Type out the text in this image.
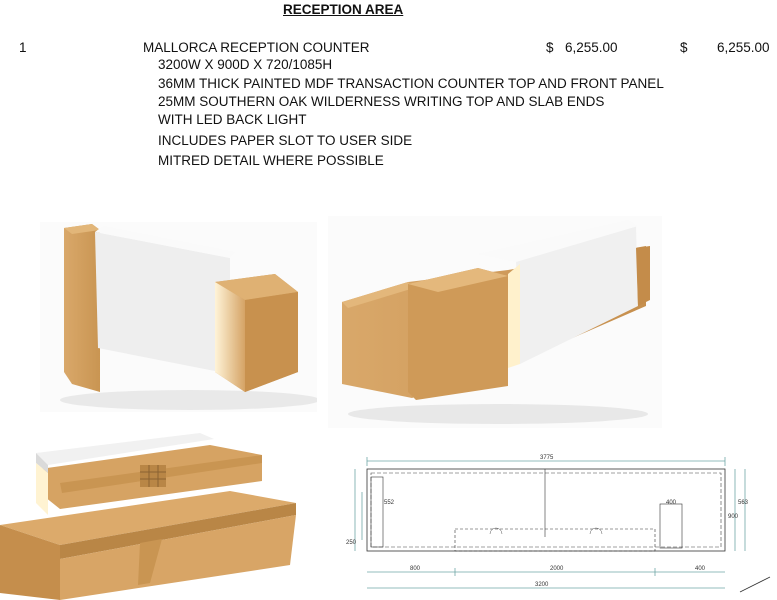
RECEPTION AREA
1	MALLORCA RECEPTION COUNTER	$ 6,255.00	$ 6,255.00
3200W X 900D X 720/1085H
36MM THICK PAINTED MDF TRANSACTION COUNTER TOP AND FRONT PANEL
25MM SOUTHERN OAK WILDERNESS WRITING TOP AND SLAB ENDS
WITH LED BACK LIGHT
INCLUDES PAPER SLOT TO USER SIDE
MITRED DETAIL WHERE POSSIBLE
3775
250
552
900
563
400
800	2000	400
3200
